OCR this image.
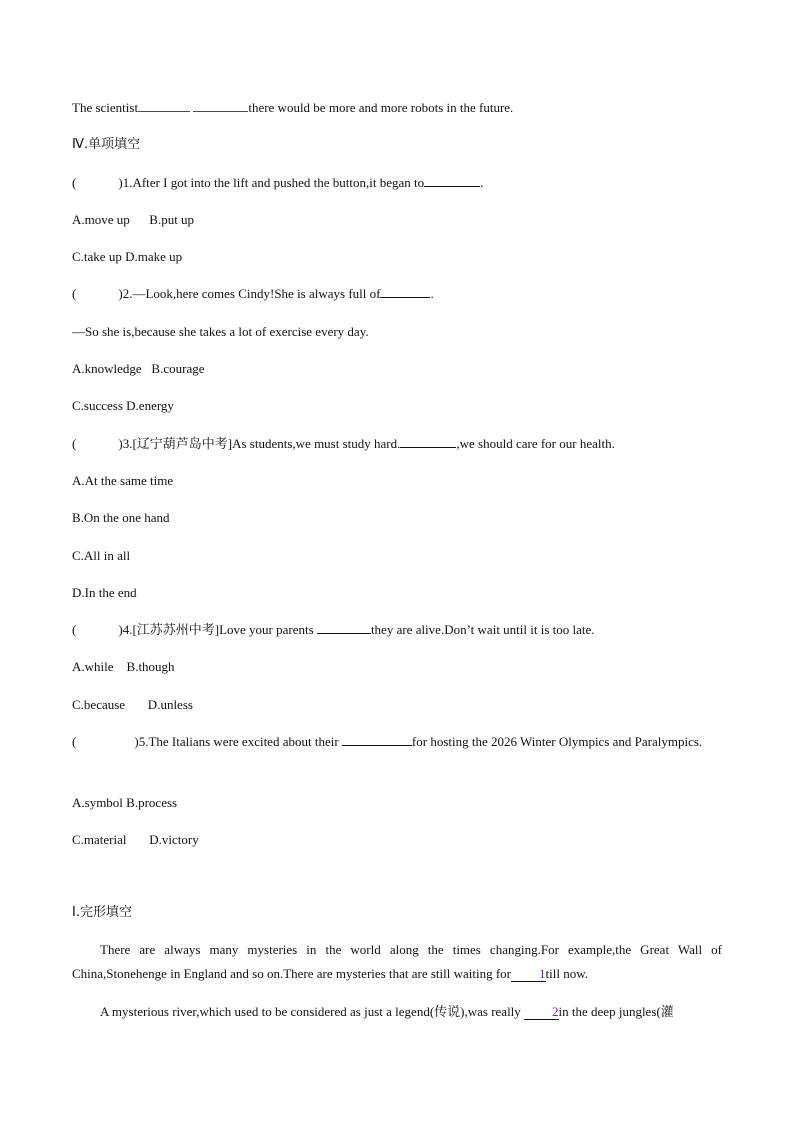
The scientist	there would be more and more robots in the future.
Ⅳ.单项填空
(	)1.After I got into the lift and pushed the button,it began to	.
A.move up      B.put up
C.take up D.make up
(	)2.—Look,here comes Cindy!She is always full of	.
—So she is,because she takes a lot of exercise every day.
A.knowledge   B.courage
C.success D.energy
(	)3.[辽宁葫芦岛中考]As students,we must study hard.	,we should care for our health.
A.At the same time
B.On the one hand
C.All in all
D.In the end
(	)4.[江苏苏州中考]Love your parents	they are alive.Don’t wait until it is too late.
A.while    B.though
C.because       D.unless
(	)5.The Italians were excited about their	for hosting the 2026 Winter Olympics and Paralympics.
A.symbol B.process
C.material       D.victory
Ⅰ.完形填空
There are always many mysteries in the world along the times changing.For example,the Great Wall of China,Stonehenge in England and so on.There are mysteries that are still waiting for 1till now.
A mysterious river,which used to be considered as just a legend(传说),was really 2in the deep jungles(灌
